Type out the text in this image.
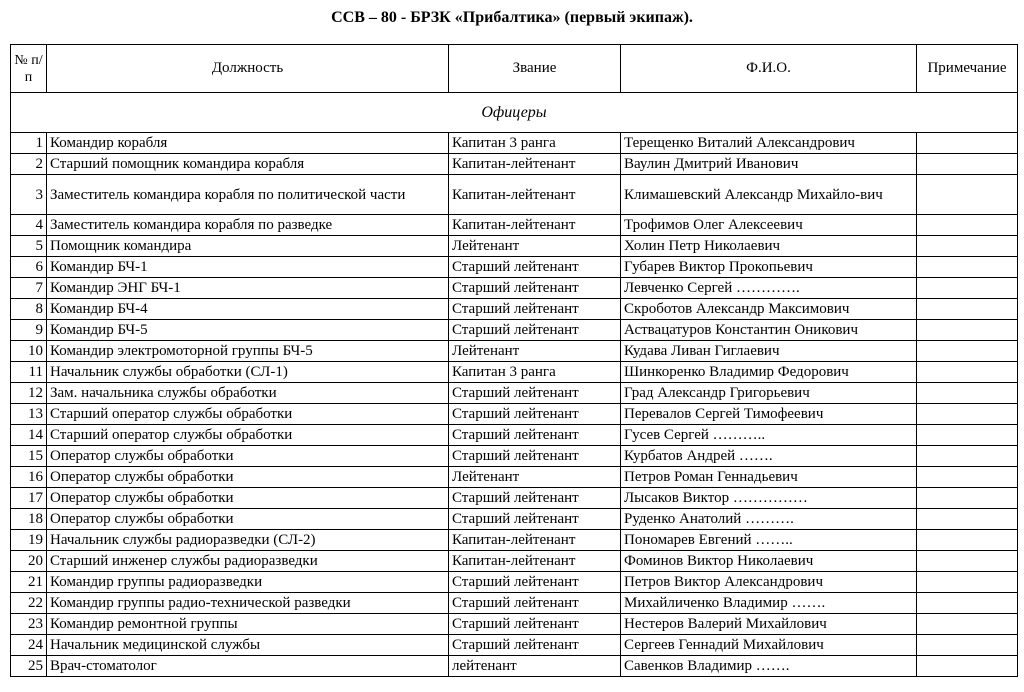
ССВ – 80 - БРЗК «Прибалтика» (первый экипаж).
№ п/п	Должность	Звание	Ф.И.О.	Примечание
Офицеры				
1	Командир корабля	Капитан 3 ранга	Терещенко Виталий Александрович	
2	Старший помощник командира корабля	Капитан-лейтенант	Ваулин Дмитрий Иванович	
3	Заместитель командира корабля по политической части	Капитан-лейтенант	Климашевский Александр Михайло-вич	
4	Заместитель командира корабля по разведке	Капитан-лейтенант	Трофимов Олег Алексеевич	
5	Помощник командира	Лейтенант	Холин Петр Николаевич	
6	Командир БЧ-1	Старший лейтенант	Губарев Виктор Прокопьевич	
7	Командир ЭНГ БЧ-1	Старший лейтенант	Левченко Сергей ………….	
8	Командир БЧ-4	Старший лейтенант	Скроботов Александр Максимович	
9	Командир БЧ-5	Старший лейтенант	Аствацатуров Константин Оникович	
10	Командир электромоторной группы БЧ-5	Лейтенант	Кудава Ливан Гиглаевич	
11	Начальник службы обработки (СЛ-1)	Капитан 3 ранга	Шинкоренко Владимир Федорович	
12	Зам. начальника службы обработки	Старший лейтенант	Град Александр Григорьевич	
13	Старший оператор службы обработки	Старший лейтенант	Перевалов Сергей Тимофеевич	
14	Старший оператор службы обработки	Старший лейтенант	Гусев Сергей ………..	
15	Оператор службы обработки	Старший лейтенант	Курбатов Андрей …….	
16	Оператор службы обработки	Лейтенант	Петров Роман Геннадьевич	
17	Оператор службы обработки	Старший лейтенант	Лысаков Виктор ……………	
18	Оператор службы обработки	Старший лейтенант	Руденко Анатолий ……….	
19	Начальник службы радиоразведки (СЛ-2)	Капитан-лейтенант	Пономарев Евгений ……..	
20	Старший инженер службы радиоразведки	Капитан-лейтенант	Фоминов Виктор Николаевич	
21	Командир группы радиоразведки	Старший лейтенант	Петров Виктор Александрович	
22	Командир группы радио-технической разведки	Старший лейтенант	Михайличенко Владимир …….	
23	Командир ремонтной группы	Старший лейтенант	Нестеров Валерий Михайлович	
24	Начальник медицинской службы	Старший лейтенант	Сергеев Геннадий Михайлович	
25	Врач-стоматолог	лейтенант	Савенков Владимир …….	
